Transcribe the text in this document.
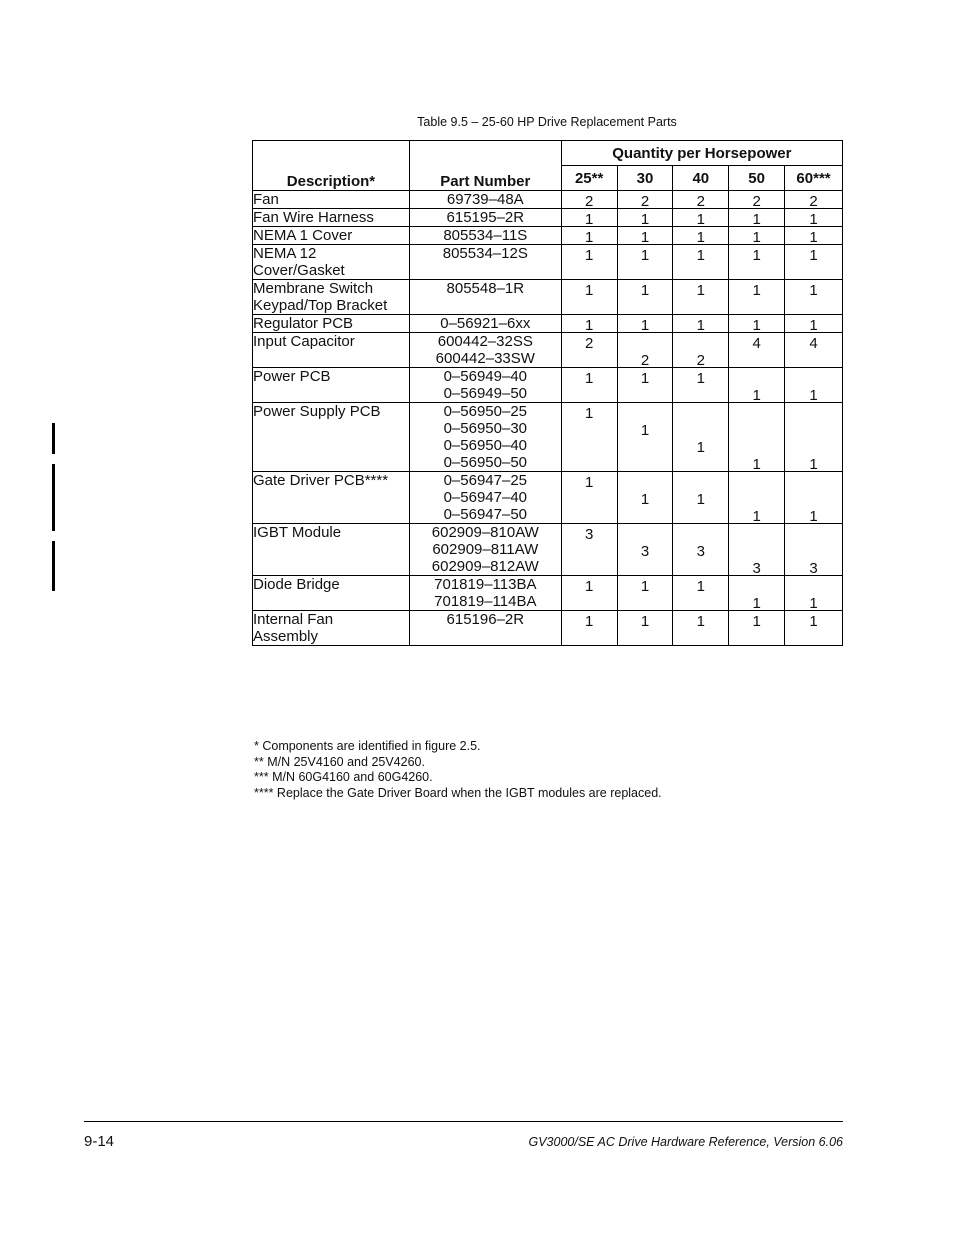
Table 9.5 – 25-60 HP Drive Replacement Parts
Description*	Part Number	Quantity per Horsepower				
		25**	30	40	50	60***

Fan	69739–48A	2	2	2	2	2

Fan Wire Harness	615195–2R	1	1	1	1	1

NEMA 1 Cover	805534–11S	1	1	1	1	1

NEMA 12
Cover/Gasket	805534–12S	1	1	1	1	1

Membrane Switch
Keypad/Top Bracket	805548–1R	1	1	1	1	1

Regulator PCB	0–56921–6xx	1	1	1	1	1

Input Capacitor	600442–32SS
600442–33SW	2	2	2	4	4

Power PCB	0–56949–40
0–56949–50	1	1	1	1	1

Power Supply PCB	0–56950–25
0–56950–30
0–56950–40
0–56950–50	1	1	1	1	1

Gate Driver PCB****	0–56947–25
0–56947–40
0–56947–50	1	1	1	1	1

IGBT Module	602909–810AW
602909–811AW
602909–812AW	3	3	3	3	3

Diode Bridge	701819–113BA
701819–114BA	1	1	1	1	1

Internal Fan
Assembly	615196–2R	1	1	1	1	1
* Components are identified in figure 2.5.
** M/N 25V4160 and 25V4260.
*** M/N 60G4160 and 60G4260.
**** Replace the Gate Driver Board when the IGBT modules are replaced.
9-14	GV3000/SE AC Drive Hardware Reference, Version 6.06
